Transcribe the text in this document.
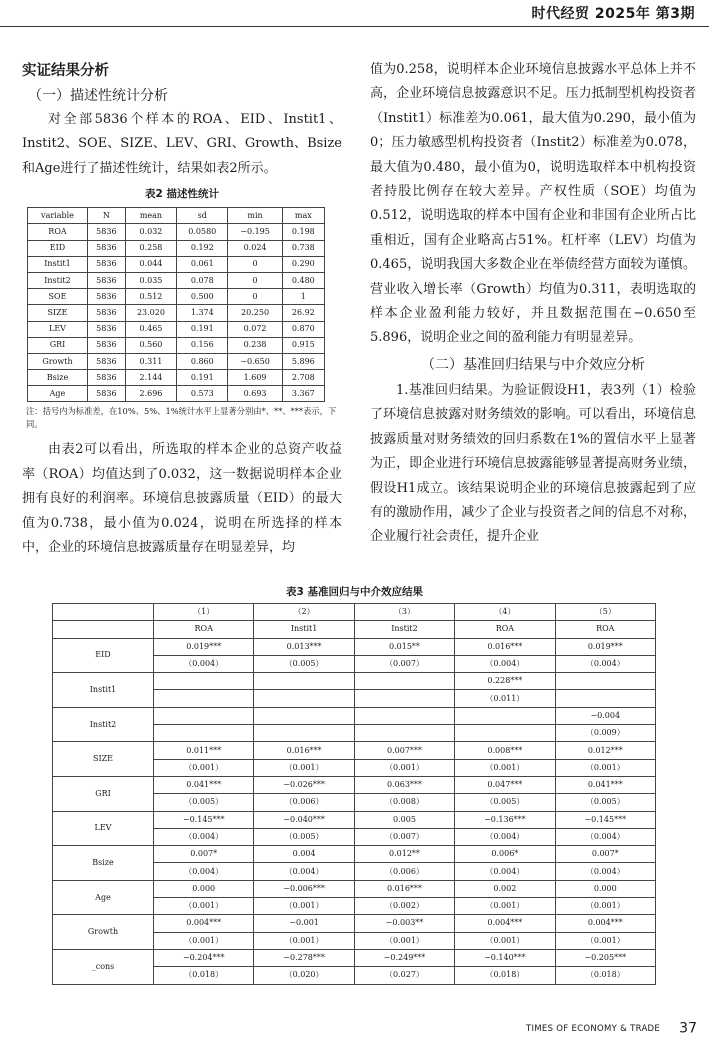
时代经贸 2025年 第3期

实证结果分析

（一）描述性统计分析

对全部5836个样本的ROA、EID、Instit1、Instit2、SOE、SIZE、LEV、GRI、Growth、Bsize和Age进行了描述性统计，结果如表2所示。

表2 描述性统计
variable	N	mean	sd	min	max
ROA	5836	0.032	0.0580	−0.195	0.198
EID	5836	0.258	0.192	0.024	0.738
Instit1	5836	0.044	0.061	0	0.290
Instit2	5836	0.035	0.078	0	0.480
SOE	5836	0.512	0.500	0	1
SIZE	5836	23.020	1.374	20.250	26.92
LEV	5836	0.465	0.191	0.072	0.870
GRI	5836	0.560	0.156	0.238	0.915
Growth	5836	0.311	0.860	−0.650	5.896
Bsize	5836	2.144	0.191	1.609	2.708
Age	5836	2.696	0.573	0.693	3.367
注：括号内为标准差，在10%、5%、1%统计水平上显著分别由*、**、***表示，下同。

由表2可以看出，所选取的样本企业的总资产收益率（ROA）均值达到了0.032，这一数据说明样本企业拥有良好的利润率。环境信息披露质量（EID）的最大值为0.738，最小值为0.024，说明在所选择的样本中，企业的环境信息披露质量存在明显差异，均

值为0.258，说明样本企业环境信息披露水平总体上并不高，企业环境信息披露意识不足。压力抵制型机构投资者（Instit1）标准差为0.061，最大值为0.290，最小值为0；压力敏感型机构投资者（Instit2）标准差为0.078，最大值为0.480，最小值为0，说明选取样本中机构投资者持股比例存在较大差异。产权性质（SOE）均值为0.512，说明选取的样本中国有企业和非国有企业所占比重相近，国有企业略高占51%。杠杆率（LEV）均值为0.465，说明我国大多数企业在举债经营方面较为谨慎。营业收入增长率（Growth）均值为0.311，表明选取的样本企业盈利能力较好，并且数据范围在−0.650至5.896，说明企业之间的盈利能力有明显差异。

（二）基准回归结果与中介效应分析

1.基准回归结果。为验证假设H1，表3列（1）检验了环境信息披露对财务绩效的影响。可以看出，环境信息披露质量对财务绩效的回归系数在1%的置信水平上显著为正，即企业进行环境信息披露能够显著提高财务业绩，假设H1成立。该结果说明企业的环境信息披露起到了应有的激励作用，减少了企业与投资者之间的信息不对称，企业履行社会责任，提升企业

表3 基准回归与中介效应结果
	（1）	（2）	（3）	（4）	（5）
	ROA	Instit1	Instit2	ROA	ROA
EID	0.019***	0.013***	0.015**	0.016***	0.019***
	（0.004）	（0.005）	（0.007）	（0.004）	（0.004）
Instit1				0.228***	
				（0.011）	
Instit2					−0.004
					（0.009）
SIZE	0.011***	0.016***	0.007***	0.008***	0.012***
	（0.001）	（0.001）	（0.001）	（0.001）	（0.001）
GRI	0.041***	−0.026***	0.063***	0.047***	0.041***
	（0.005）	（0.006）	（0.008）	（0.005）	（0.005）
LEV	−0.145***	−0.040***	0.005	−0.136***	−0.145***
	（0.004）	（0.005）	（0.007）	（0.004）	（0.004）
Bsize	0.007*	0.004	0.012**	0.006*	0.007*
	（0.004）	（0.004）	（0.006）	（0.004）	（0.004）
Age	0.000	−0.006***	0.016***	0.002	0.000
	（0.001）	（0.001）	（0.002）	（0.001）	（0.001）
Growth	0.004***	−0.001	−0.003**	0.004***	0.004***
	（0.001）	（0.001）	（0.001）	（0.001）	（0.001）
_cons	−0.204***	−0.278***	−0.249***	−0.140***	−0.205***
	（0.018）	（0.020）	（0.027）	（0.018）	（0.018）
TIMES OF ECONOMY & TRADE 37
